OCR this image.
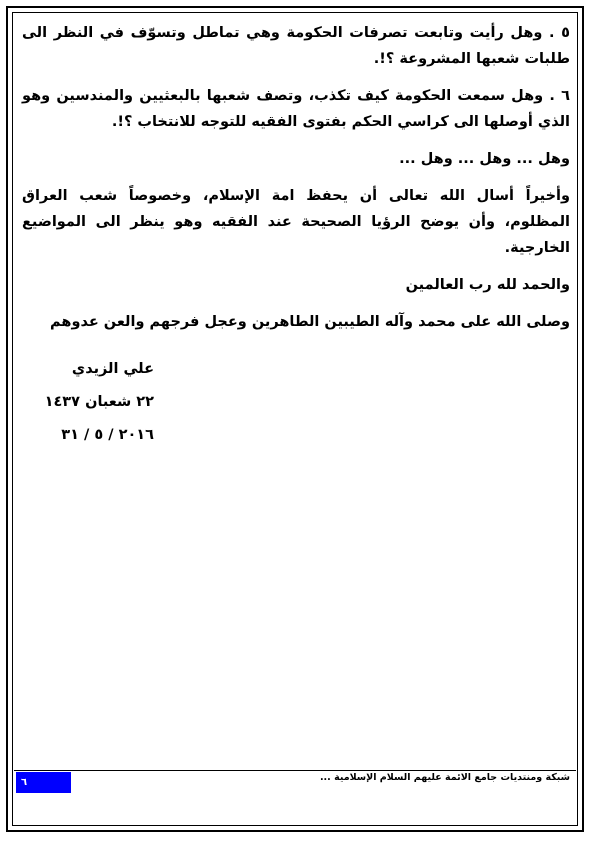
٥ . وهل رأيت وتابعت تصرفات الحكومة وهي تماطل وتسوّف في النظر الى طلبات شعبها المشروعة ؟!.

٦ . وهل سمعت الحكومة كيف تكذب، وتصف شعبها بالبعثيين والمندسين وهو الذي أوصلها الى كراسي الحكم بفتوى الفقيه للتوجه للانتخاب ؟!.

وهل ... وهل ... وهل ...

وأخيراً أسال الله تعالى أن يحفظ امة الإسلام، وخصوصاً شعب العراق المظلوم، وأن يوضح الرؤيا الصحيحة عند الفقيه وهو ينظر الى المواضيع الخارجية.

والحمد لله رب العالمين

وصلى الله على محمد وآله الطيبين الطاهرين وعجل فرجهم والعن عدوهم

علي الزيدي
٢٢ شعبان ١٤٣٧
٢٠١٦ / ٥ / ٣١
شبكة ومنتديات جامع الائمة عليهم السلام الإسلامية ...
٦
